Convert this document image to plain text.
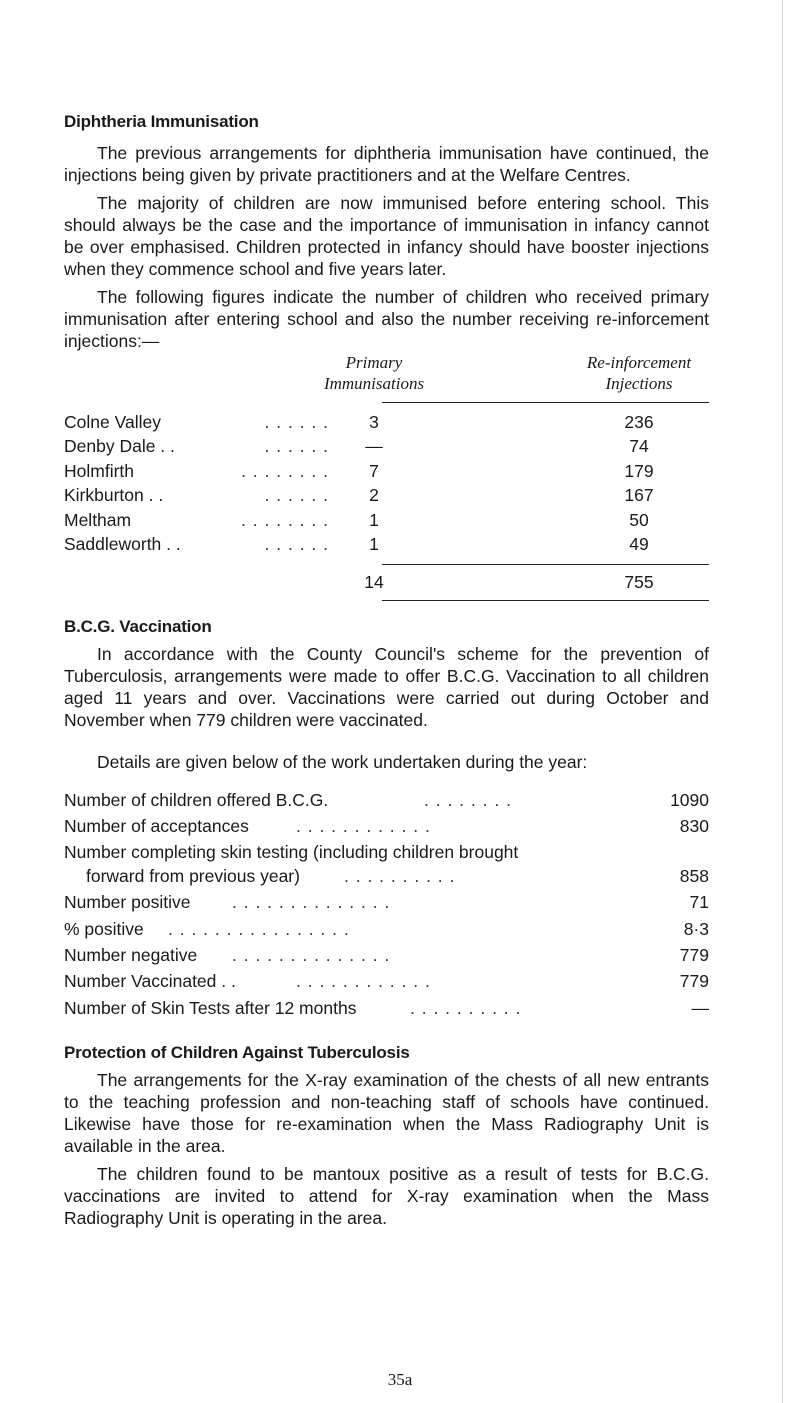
Diphtheria Immunisation

The previous arrangements for diphtheria immunisation have continued, the injections being given by private practitioners and at the Welfare Centres.

The majority of children are now immunised before entering school. This should always be the case and the importance of immunisation in infancy cannot be over emphasised. Children protected in infancy should have booster injections when they commence school and five years later.

The following figures indicate the number of children who received primary immunisation after entering school and also the number receiving re-inforcement injections:—

Primary
Immunisations
Re-inforcement
Injections
Colne Valley	. . . . . .	3	236
Denby Dale . .	. . . . . .	—	74
Holmfirth	. . . . . . . .	7	179
Kirkburton . .	. . . . . .	2	167
Meltham	. . . . . . . .	1	50
Saddleworth . .	. . . . . .	1	49
14	755
B.C.G. Vaccination

In accordance with the County Council's scheme for the prevention of Tuberculosis, arrangements were made to offer B.C.G. Vaccination to all children aged 11 years and over. Vaccinations were carried out during October and November when 779 children were vaccinated.

Details are given below of the work undertaken during the year:

Number of children offered B.C.G.	. . . . . . . .	1090
Number of acceptances	. . . . . . . . . . . .	830
Number completing skin testing (including children brought
forward from previous year)	. . . . . . . . . .	858
Number positive . . . . . . . . . . . . . .	71
% positive . . . . . . . . . . . . . . . .	8·3
Number negative . . . . . . . . . . . . . .	779
Number Vaccinated . .	. . . . . . . . . . . .	779
Number of Skin Tests after 12 months	. . . . . . . . . .	—
Protection of Children Against Tuberculosis

The arrangements for the X-ray examination of the chests of all new entrants to the teaching profession and non-teaching staff of schools have continued. Likewise have those for re-examination when the Mass Radiography Unit is available in the area.

The children found to be mantoux positive as a result of tests for B.C.G. vaccinations are invited to attend for X-ray examination when the Mass Radiography Unit is operating in the area.

35a
